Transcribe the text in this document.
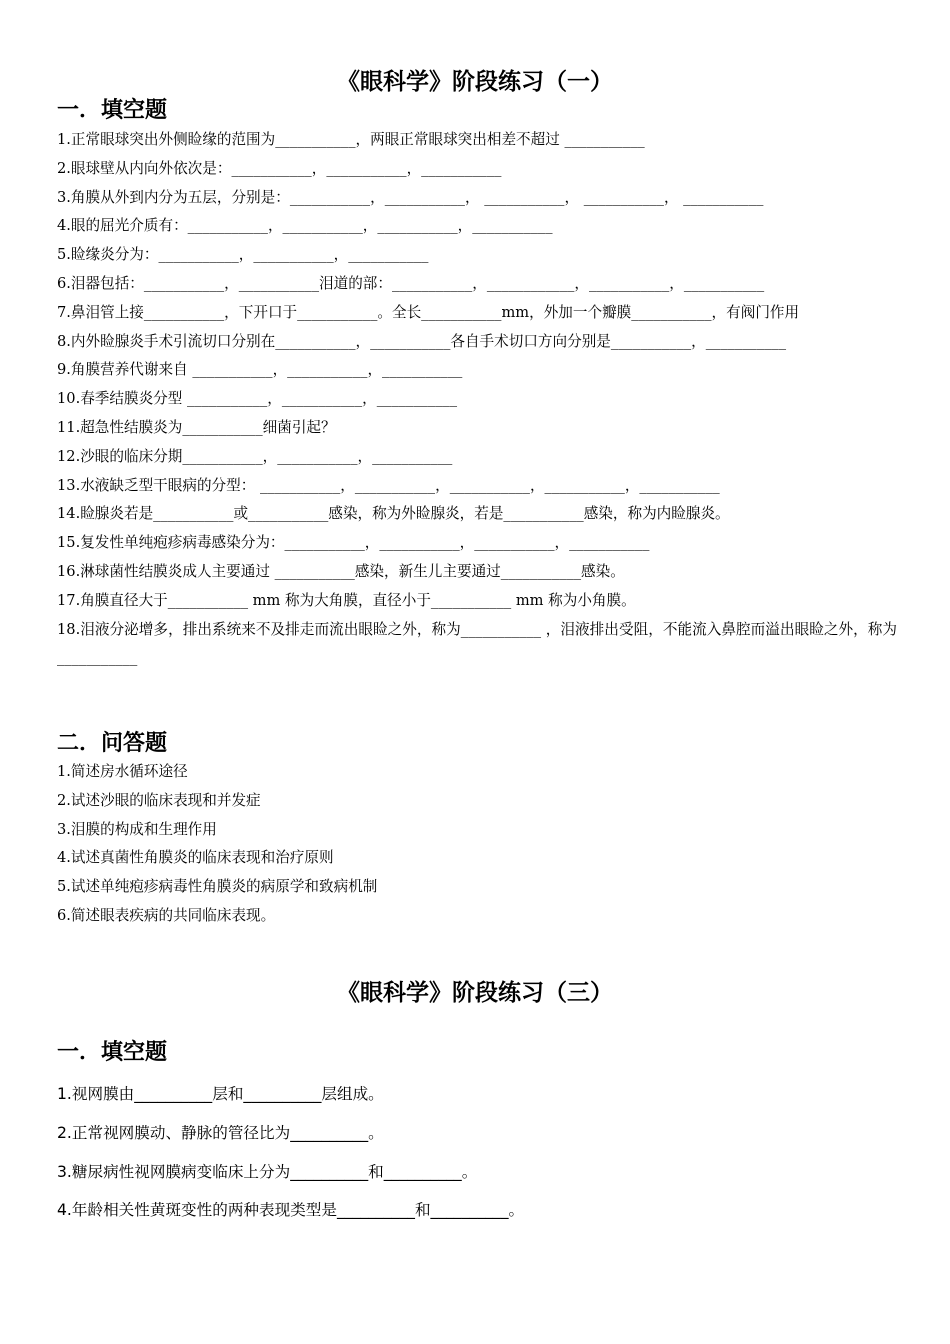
《眼科学》阶段练习（一）
一．填空题
1.正常眼球突出外侧睑缘的范围为___________，两眼正常眼球突出相差不超过 ___________
2.眼球壁从内向外依次是：___________，___________，___________
3.角膜从外到内分为五层，分别是：___________，___________， ___________， ___________， ___________
4.眼的屈光介质有：___________，___________，___________，___________
5.睑缘炎分为：___________，___________，___________
6.泪器包括：___________，___________泪道的部：___________，____________，___________，___________
7.鼻泪管上接___________，下开口于___________。全长___________mm，外加一个瓣膜___________，有阀门作用
8.内外睑腺炎手术引流切口分别在___________，___________各自手术切口方向分别是___________，___________
9.角膜营养代谢来自 ___________，___________，___________
10.春季结膜炎分型 ___________，___________，___________
11.超急性结膜炎为___________细菌引起？
12.沙眼的临床分期___________，___________，___________
13.水液缺乏型干眼病的分型： ___________，___________，___________，___________，___________
14.睑腺炎若是___________或___________感染，称为外睑腺炎，若是___________感染，称为内睑腺炎。
15.复发性单纯疱疹病毒感染分为：___________，___________，___________，___________
16.淋球菌性结膜炎成人主要通过 ___________感染，新生儿主要通过___________感染。
17.角膜直径大于___________ mm 称为大角膜，直径小于___________ mm 称为小角膜。
18.泪液分泌增多，排出系统来不及排走而流出眼睑之外，称为___________ ，泪液排出受阻，不能流入鼻腔而溢出眼睑之外，称为___________
二．问答题
1.简述房水循环途径
2.试述沙眼的临床表现和并发症
3.泪膜的构成和生理作用
4.试述真菌性角膜炎的临床表现和治疗原则
5.试述单纯疱疹病毒性角膜炎的病原学和致病机制
6.简述眼表疾病的共同临床表现。
《眼科学》阶段练习（三）
一．填空题
1.视网膜由__________层和__________层组成。
2.正常视网膜动、静脉的管径比为__________。
3.糖尿病性视网膜病变临床上分为__________和__________。
4.年龄相关性黄斑变性的两种表现类型是__________和__________。
